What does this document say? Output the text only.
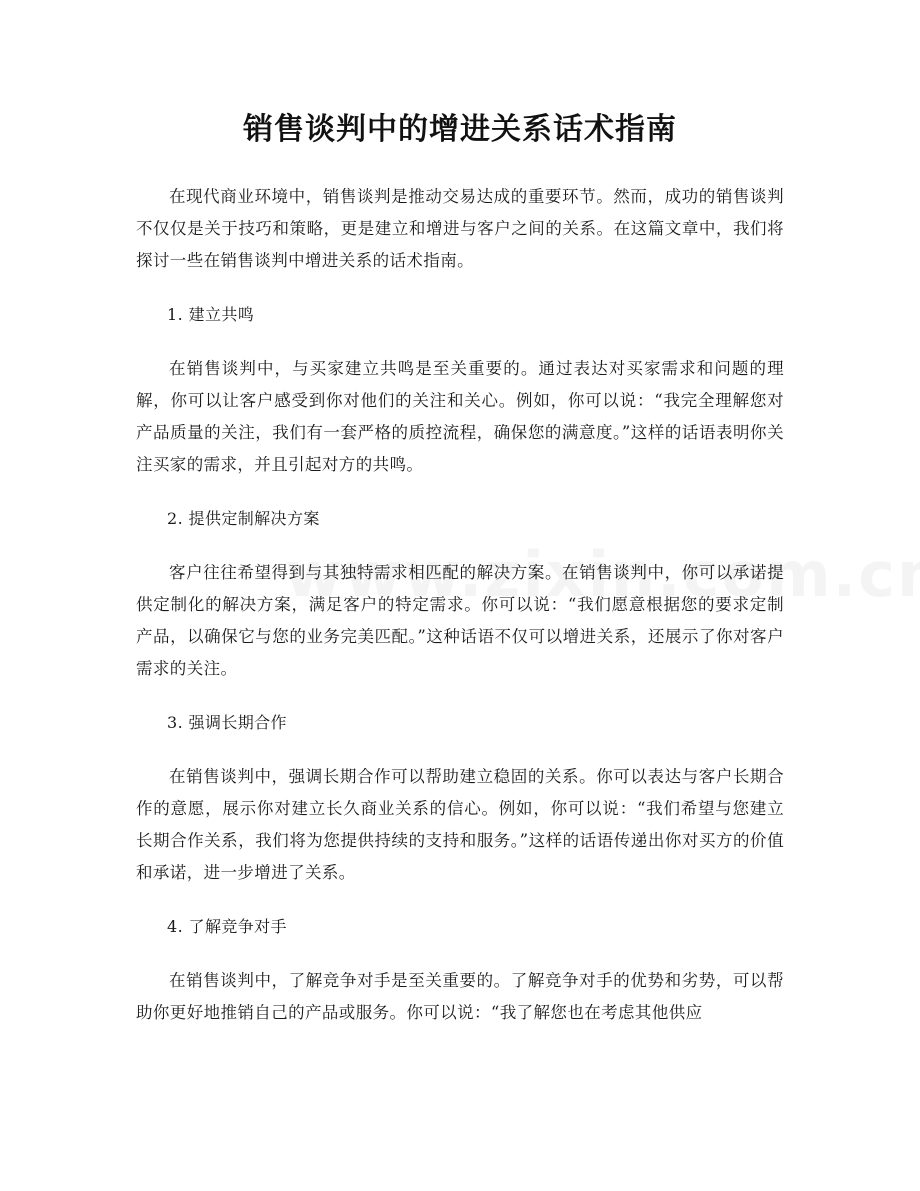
销售谈判中的增进关系话术指南

在现代商业环境中，销售谈判是推动交易达成的重要环节。然而，成功的销售谈判不仅仅是关于技巧和策略，更是建立和增进与客户之间的关系。在这篇文章中，我们将探讨一些在销售谈判中增进关系的话术指南。

1. 建立共鸣

在销售谈判中，与买家建立共鸣是至关重要的。通过表达对买家需求和问题的理解，你可以让客户感受到你对他们的关注和关心。例如，你可以说：“我完全理解您对产品质量的关注，我们有一套严格的质控流程，确保您的满意度。”这样的话语表明你关注买家的需求，并且引起对方的共鸣。

2. 提供定制解决方案

客户往往希望得到与其独特需求相匹配的解决方案。在销售谈判中，你可以承诺提供定制化的解决方案，满足客户的特定需求。你可以说：“我们愿意根据您的要求定制产品，以确保它与您的业务完美匹配。”这种话语不仅可以增进关系，还展示了你对客户需求的关注。

3. 强调长期合作

在销售谈判中，强调长期合作可以帮助建立稳固的关系。你可以表达与客户长期合作的意愿，展示你对建立长久商业关系的信心。例如，你可以说：“我们希望与您建立长期合作关系，我们将为您提供持续的支持和服务。”这样的话语传递出你对买方的价值和承诺，进一步增进了关系。

4. 了解竞争对手

在销售谈判中，了解竞争对手是至关重要的。了解竞争对手的优势和劣势，可以帮助你更好地推销自己的产品或服务。你可以说：“我了解您也在考虑其他供应
